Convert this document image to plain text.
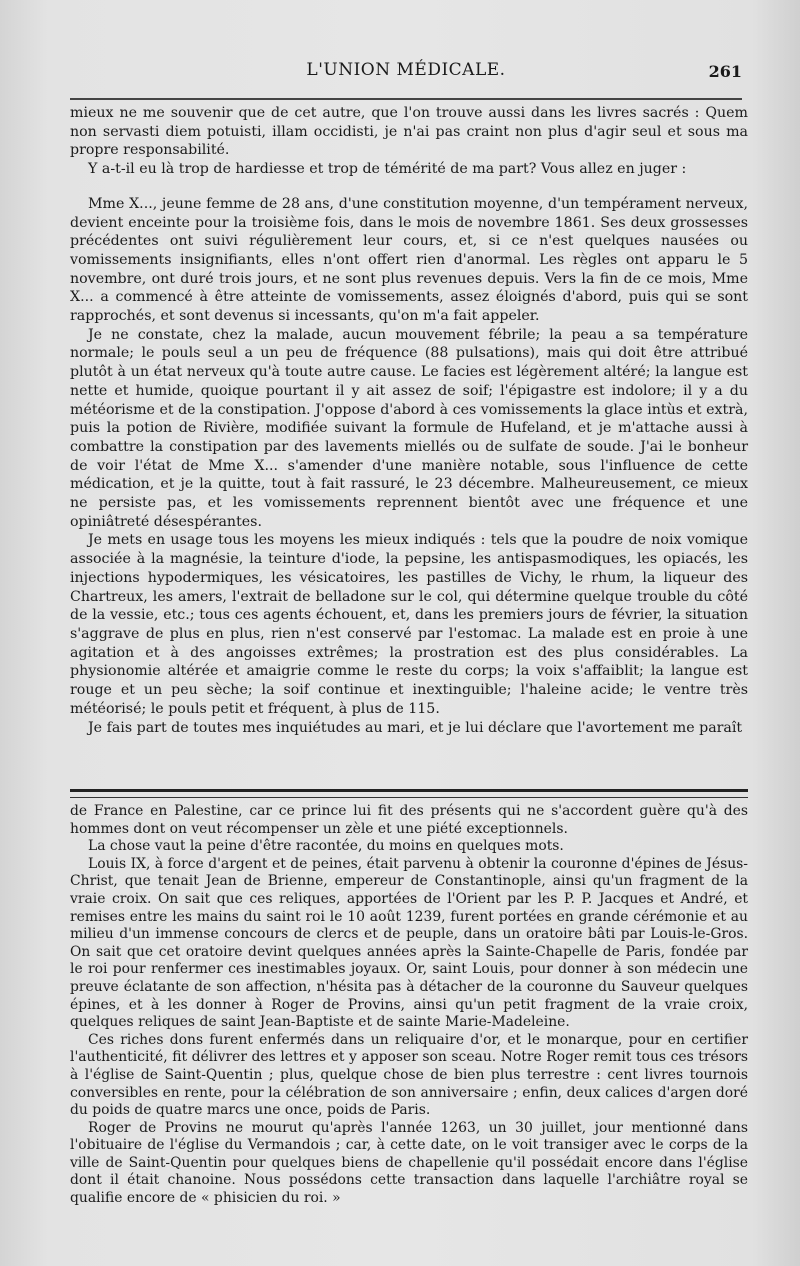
L'UNION MÉDICALE.	261

mieux ne me souvenir que de cet autre, que l'on trouve aussi dans les livres sacrés : Quem non servasti diem potuisti, illam occidisti, je n'ai pas craint non plus d'agir seul et sous ma propre responsabilité.

Y a-t-il eu là trop de hardiesse et trop de témérité de ma part? Vous allez en juger :

Mme X..., jeune femme de 28 ans, d'une constitution moyenne, d'un tempérament nerveux, devient enceinte pour la troisième fois, dans le mois de novembre 1861. Ses deux grossesses précédentes ont suivi régulièrement leur cours, et, si ce n'est quelques nausées ou vomissements insignifiants, elles n'ont offert rien d'anormal. Les règles ont apparu le 5 novembre, ont duré trois jours, et ne sont plus revenues depuis. Vers la fin de ce mois, Mme X... a commencé à être atteinte de vomissements, assez éloignés d'abord, puis qui se sont rapprochés, et sont devenus si incessants, qu'on m'a fait appeler.

Je ne constate, chez la malade, aucun mouvement fébrile; la peau a sa température normale; le pouls seul a un peu de fréquence (88 pulsations), mais qui doit être attribué plutôt à un état nerveux qu'à toute autre cause. Le facies est légèrement altéré; la langue est nette et humide, quoique pourtant il y ait assez de soif; l'épigastre est indolore; il y a du météorisme et de la constipation. J'oppose d'abord à ces vomissements la glace intùs et extrà, puis la potion de Rivière, modifiée suivant la formule de Hufeland, et je m'attache aussi à combattre la constipation par des lavements miellés ou de sulfate de soude. J'ai le bonheur de voir l'état de Mme X... s'amender d'une manière notable, sous l'influence de cette médication, et je la quitte, tout à fait rassuré, le 23 décembre. Malheureusement, ce mieux ne persiste pas, et les vomissements reprennent bientôt avec une fréquence et une opiniâtreté désespérantes.

Je mets en usage tous les moyens les mieux indiqués : tels que la poudre de noix vomique associée à la magnésie, la teinture d'iode, la pepsine, les antispasmodiques, les opiacés, les injections hypodermiques, les vésicatoires, les pastilles de Vichy, le rhum, la liqueur des Chartreux, les amers, l'extrait de belladone sur le col, qui détermine quelque trouble du côté de la vessie, etc.; tous ces agents échouent, et, dans les premiers jours de février, la situation s'aggrave de plus en plus, rien n'est conservé par l'estomac. La malade est en proie à une agitation et à des angoisses extrêmes; la prostration est des plus considérables. La physionomie altérée et amaigrie comme le reste du corps; la voix s'affaiblit; la langue est rouge et un peu sèche; la soif continue et inextinguible; l'haleine acide; le ventre très météorisé; le pouls petit et fréquent, à plus de 115.

Je fais part de toutes mes inquiétudes au mari, et je lui déclare que l'avortement me paraît

de France en Palestine, car ce prince lui fit des présents qui ne s'accordent guère qu'à des hommes dont on veut récompenser un zèle et une piété exceptionnels.

La chose vaut la peine d'être racontée, du moins en quelques mots.

Louis IX, à force d'argent et de peines, était parvenu à obtenir la couronne d'épines de Jésus-Christ, que tenait Jean de Brienne, empereur de Constantinople, ainsi qu'un fragment de la vraie croix. On sait que ces reliques, apportées de l'Orient par les P. P. Jacques et André, et remises entre les mains du saint roi le 10 août 1239, furent portées en grande cérémonie et au milieu d'un immense concours de clercs et de peuple, dans un oratoire bâti par Louis-le-Gros. On sait que cet oratoire devint quelques années après la Sainte-Chapelle de Paris, fondée par le roi pour renfermer ces inestimables joyaux. Or, saint Louis, pour donner à son médecin une preuve éclatante de son affection, n'hésita pas à détacher de la couronne du Sauveur quelques épines, et à les donner à Roger de Provins, ainsi qu'un petit fragment de la vraie croix, quelques reliques de saint Jean-Baptiste et de sainte Marie-Madeleine.

Ces riches dons furent enfermés dans un reliquaire d'or, et le monarque, pour en certifier l'authenticité, fit délivrer des lettres et y apposer son sceau. Notre Roger remit tous ces trésors à l'église de Saint-Quentin ; plus, quelque chose de bien plus terrestre : cent livres tournois conversibles en rente, pour la célébration de son anniversaire ; enfin, deux calices d'argen doré du poids de quatre marcs une once, poids de Paris.

Roger de Provins ne mourut qu'après l'année 1263, un 30 juillet, jour mentionné dans l'obituaire de l'église du Vermandois ; car, à cette date, on le voit transiger avec le corps de la ville de Saint-Quentin pour quelques biens de chapellenie qu'il possédait encore dans l'église dont il était chanoine. Nous possédons cette transaction dans laquelle l'archiâtre royal se qualifie encore de « phisicien du roi. »
